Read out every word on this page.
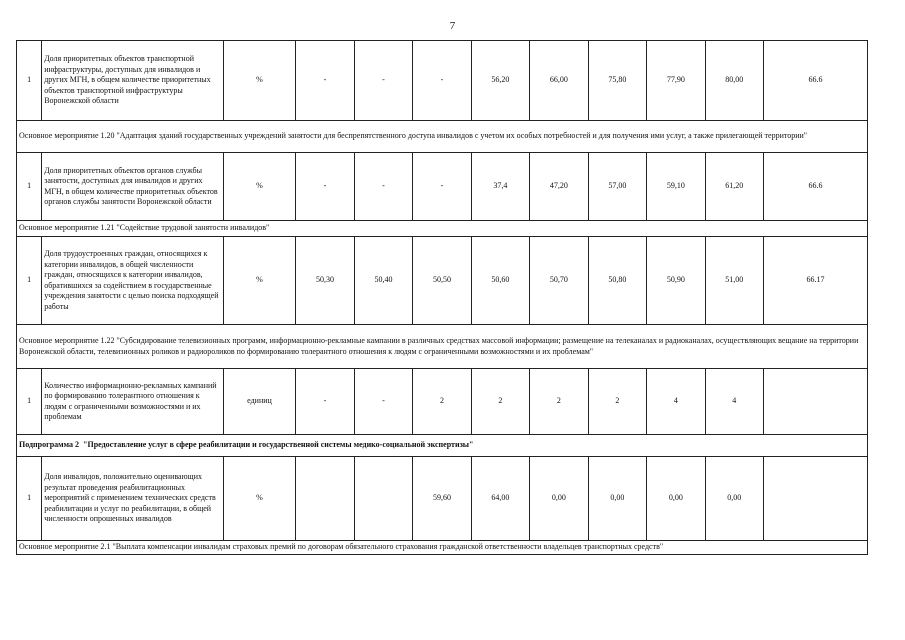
7
1	Доля приоритетных объектов транспортной инфраструктуры, доступных для инвалидов и других МГН, в общем количестве приоритетных объектов транспортной инфраструктуры Воронежской области	%	-	-	-	56,20	66,00	75,80	77,90	80,00	66.6
Основное мероприятие 1.20 "Адаптация зданий государственных учреждений занятости для беспрепятственного доступа инвалидов с учетом их особых потребностей и для получения ими услуг, а также прилегающей территории"											
1	Доля приоритетных объектов органов службы занятости, доступных для инвалидов и других МГН, в общем количестве приоритетных объектов органов службы занятости Воронежской области	%	-	-	-	37,4	47,20	57,00	59,10	61,20	66.6
Основное мероприятие 1.21 "Содействие трудовой занятости инвалидов"											
1	Доля трудоустроенных граждан, относящихся к категории инвалидов, в общей численности граждан, относящихся к категории инвалидов, обратившихся за содействием в государственные учреждения занятости с целью поиска подходящей работы	%	50,30	50,40	50,50	50,60	50,70	50,80	50,90	51,00	66.17
Основное мероприятие 1.22 "Субсидирование телевизионных программ, информационно-рекламные кампании в различных средствах массовой информации; размещение на телеканалах и радиоканалах, осуществляющих вещание на территории Воронежской области, телевизионных роликов и радиороликов по формированию толерантного отношения к людям с ограниченными возможностями и их проблемам"											
1	Количество информационно-рекламных кампаний по формированию толерантного отношения к людям с ограниченными возможностями и их проблемам	единиц	-	-	2	2	2	2	4	4	
Подпрограмма 2 "Предоставление услуг в сфере реабилитации и государственной системы медико-социальной экспертизы"											
1	Доля инвалидов, положительно оценивающих результат проведения реабилитационных мероприятий с применением технических средств реабилитации и услуг по реабилитации, в общей численности опрошенных инвалидов	%			59,60	64,00	0,00	0,00	0,00	0,00	
Основное мероприятие 2.1 "Выплата компенсации инвалидам страховых премий по договорам обязательного страхования гражданской ответственности владельцев транспортных средств"											
